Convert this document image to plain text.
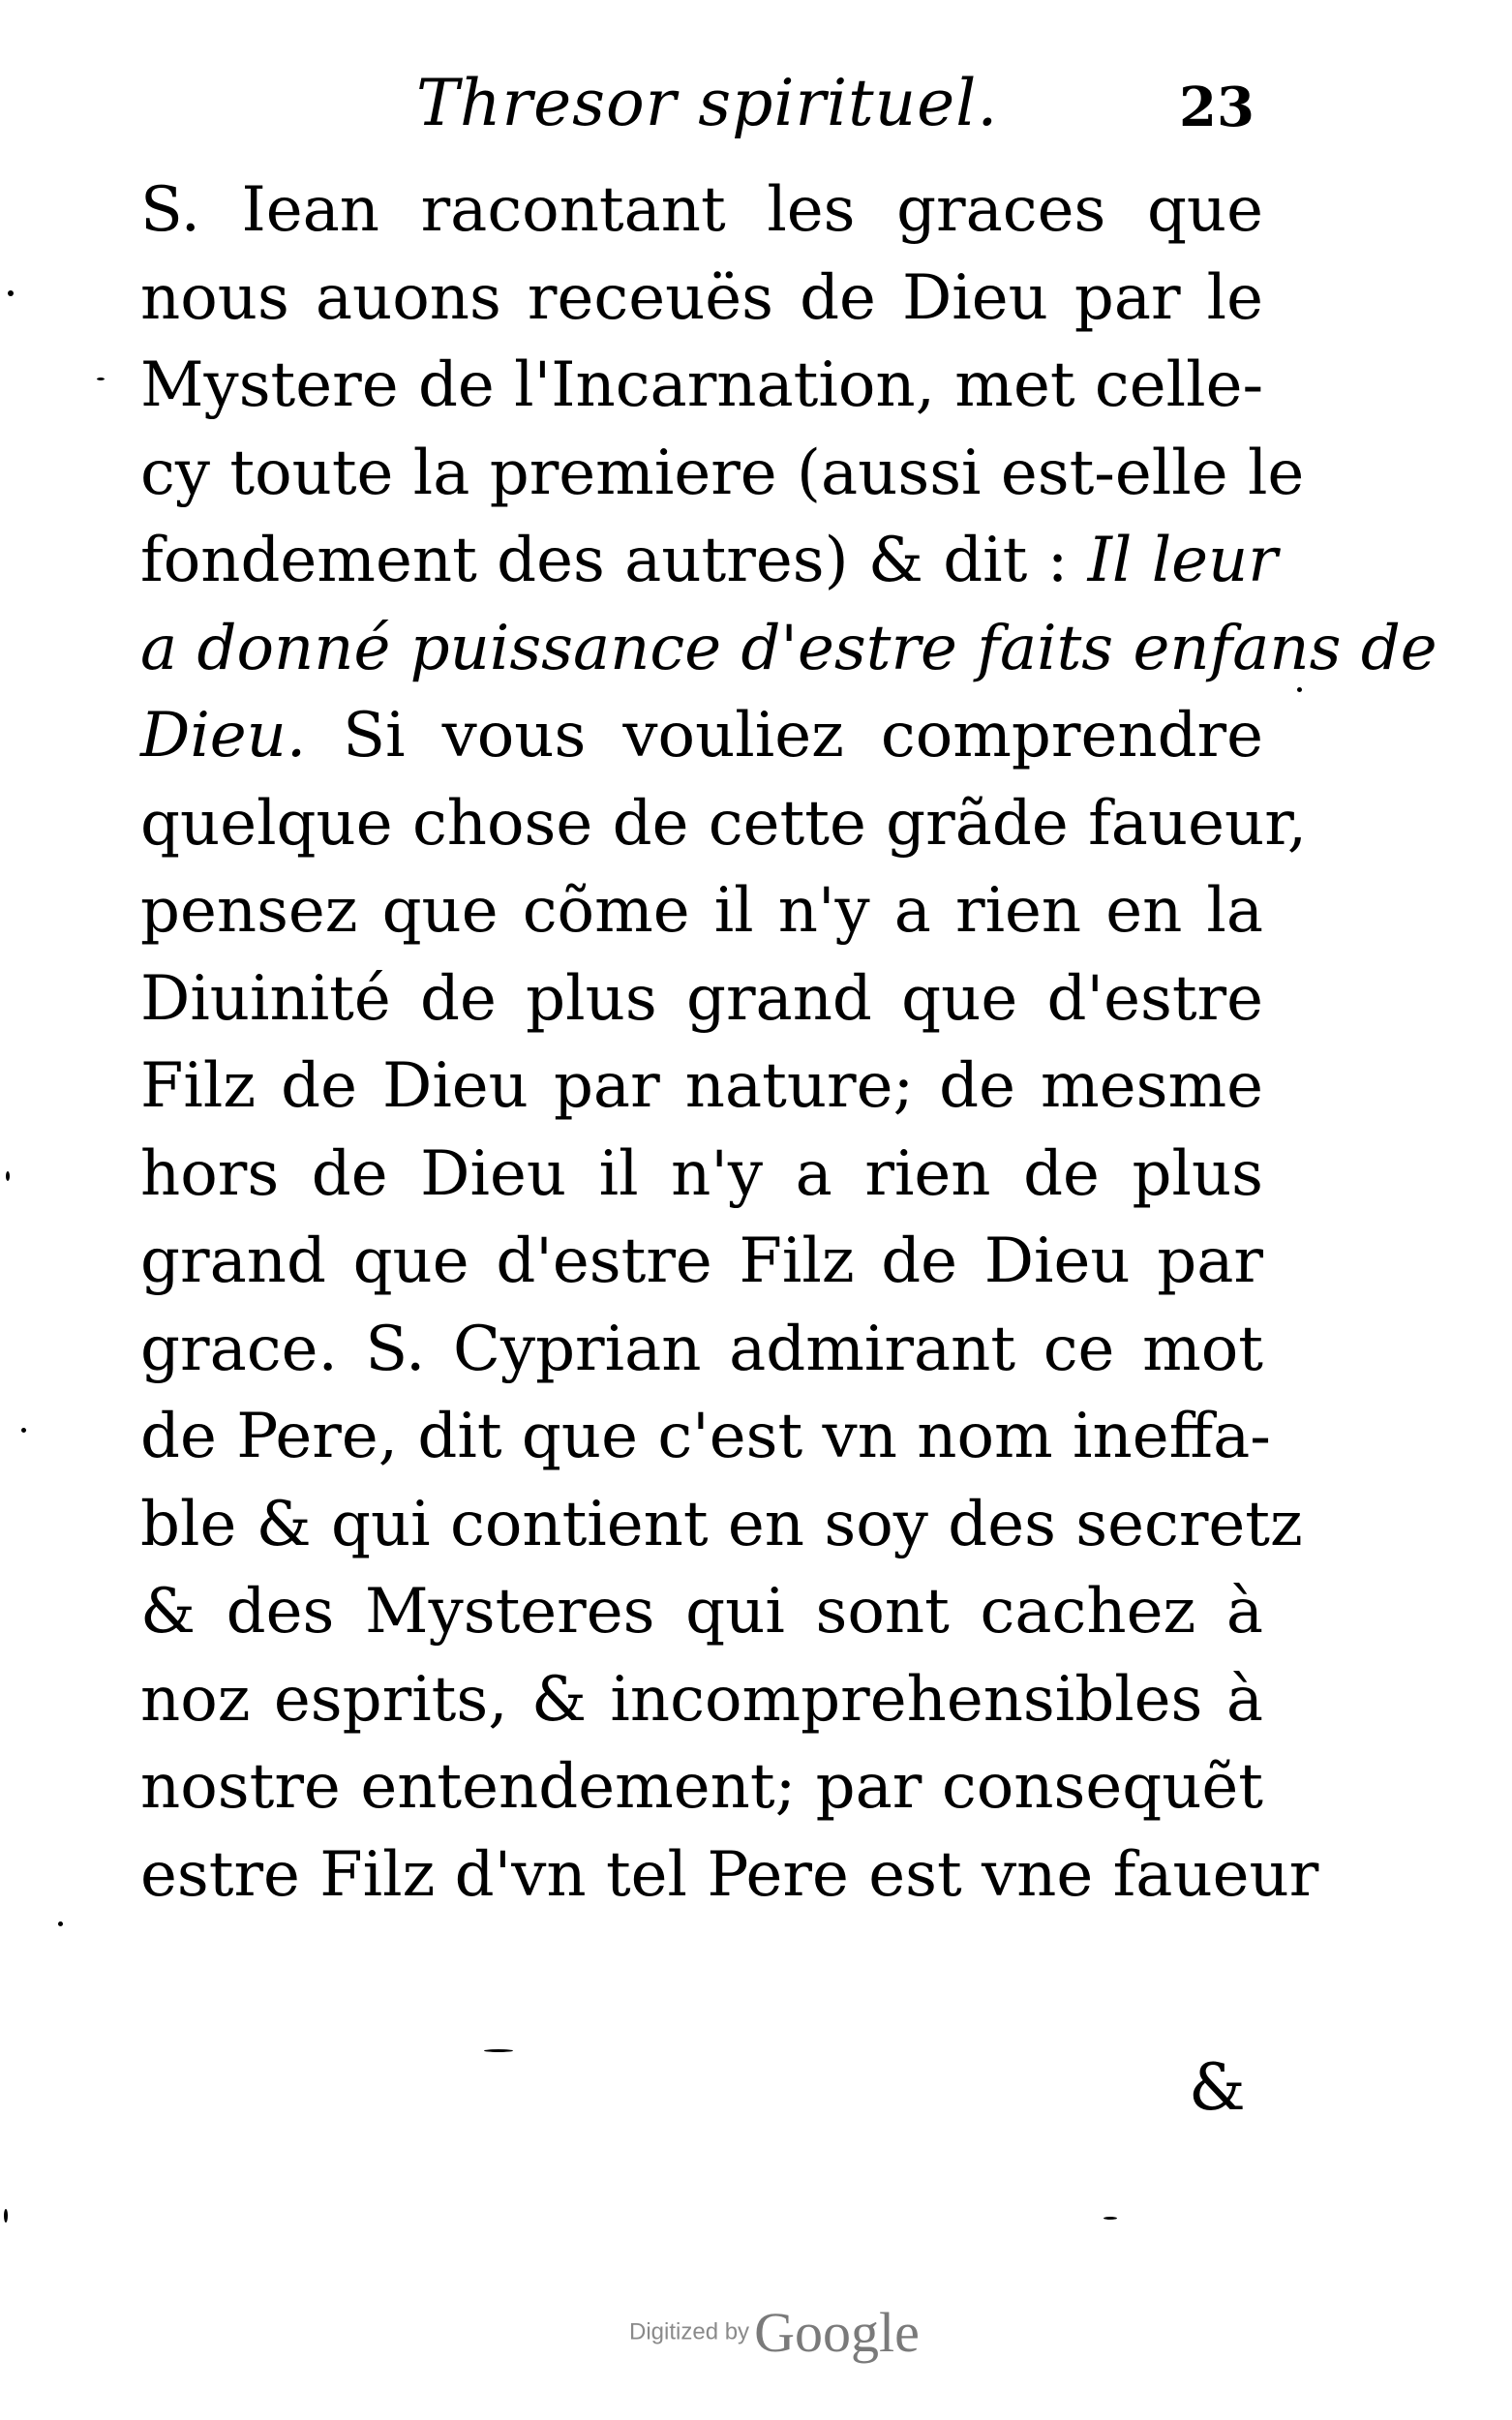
Thresor spirituel.	23
S. Iean racontant les graces que
nous auons receuës de Dieu par le
Mystere de l'Incarnation, met celle-
cy toute la premiere (aussi est-elle le
fondement des autres) & dit : Il leur
a donné puissance d'estre faits enfans de
Dieu. Si vous vouliez comprendre
quelque chose de cette grãde faueur,
pensez que cõme il n'y a rien en la
Diuinité de plus grand que d'estre
Filz de Dieu par nature; de mesme
hors de Dieu il n'y a rien de plus
grand que d'estre Filz de Dieu par
grace. S. Cyprian admirant ce mot
de Pere, dit que c'est vn nom ineffa-
ble & qui contient en soy des secretz
& des Mysteres qui sont cachez à
noz esprits, & incomprehensibles à
nostre entendement; par consequẽt
estre Filz d'vn tel Pere est vne faueur
&
Digitized by Google
